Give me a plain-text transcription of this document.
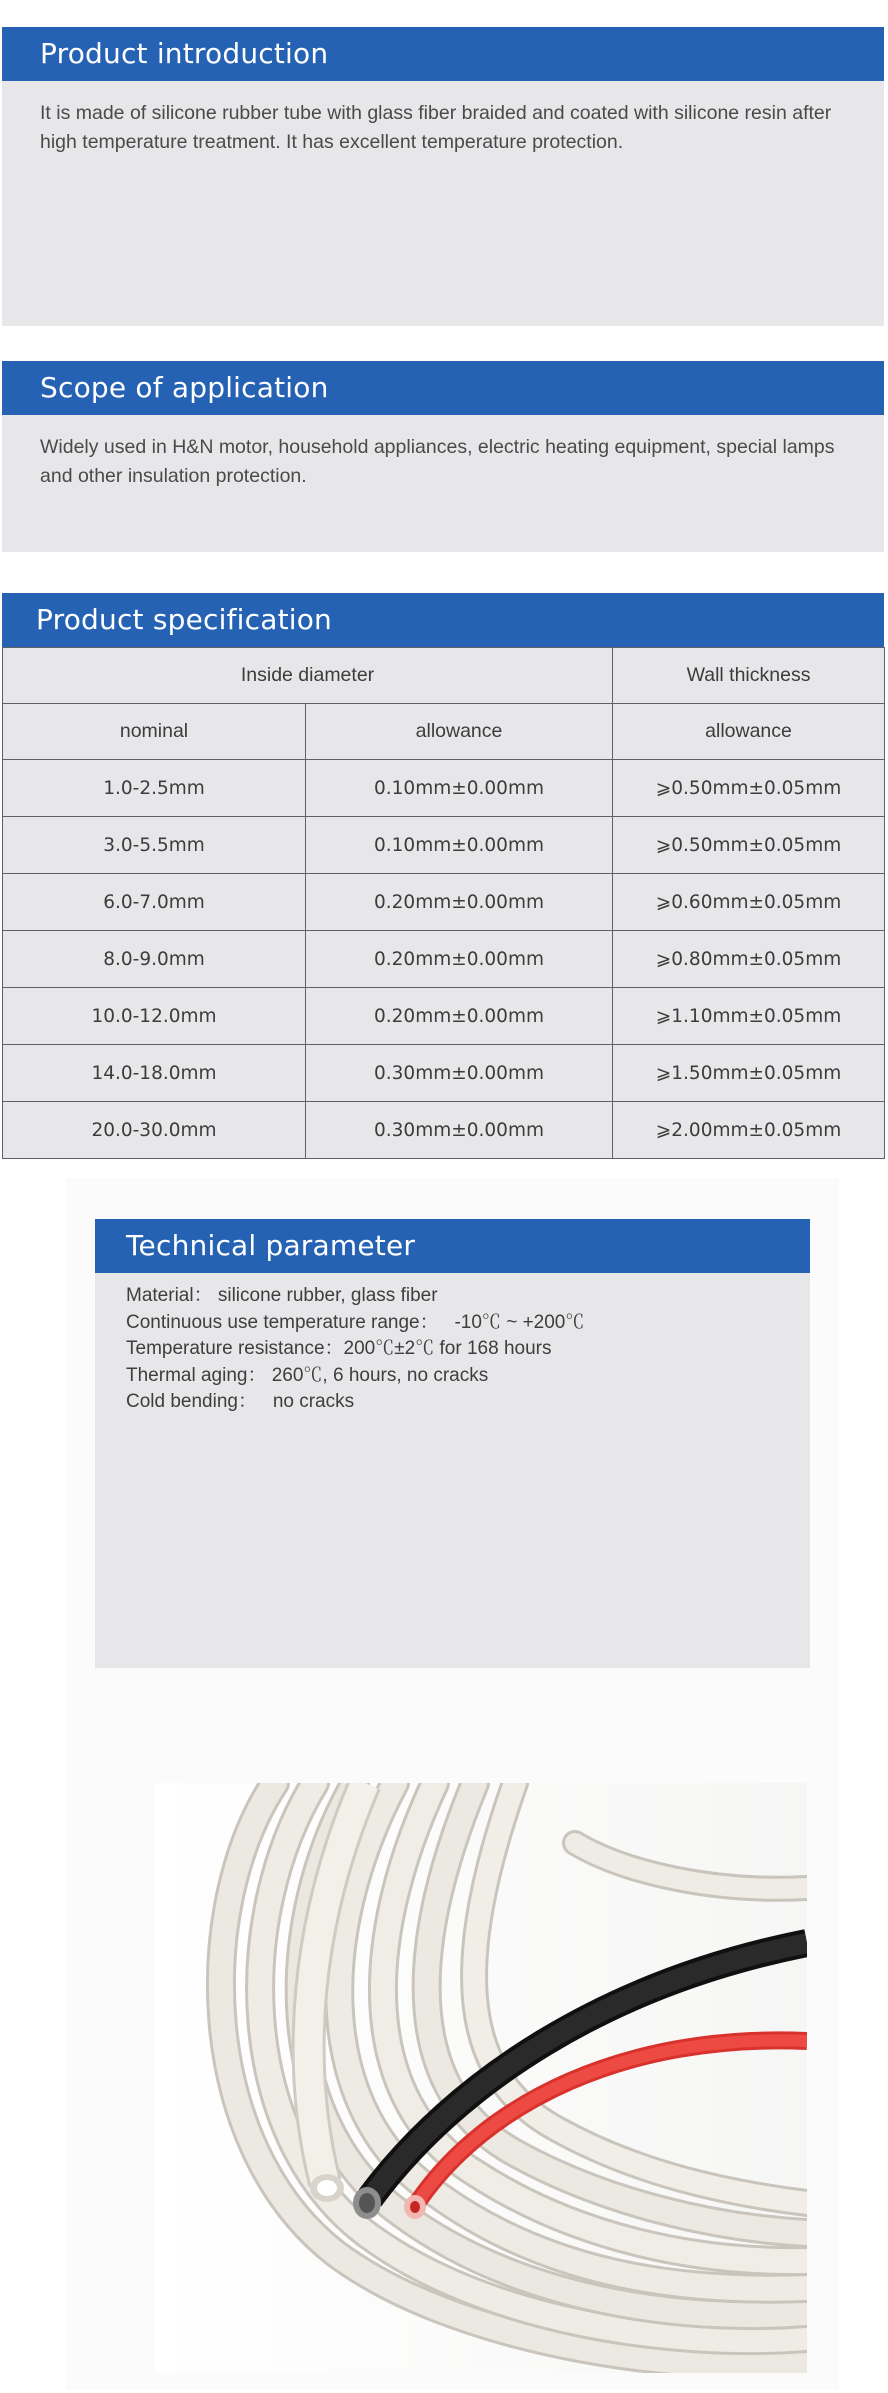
Product introduction
It is made of silicone rubber tube with glass fiber braided and coated with silicone resin after high temperature treatment. It has excellent temperature protection.
Scope of application
Widely used in H&N motor, household appliances, electric heating equipment, special lamps and other insulation protection.
Product specification
Inside diameter		Wall thickness
nominal	allowance	allowance
1.0-2.5mm	0.10mm±0.00mm	⩾0.50mm±0.05mm
3.0-5.5mm	0.10mm±0.00mm	⩾0.50mm±0.05mm
6.0-7.0mm	0.20mm±0.00mm	⩾0.60mm±0.05mm
8.0-9.0mm	0.20mm±0.00mm	⩾0.80mm±0.05mm
10.0-12.0mm	0.20mm±0.00mm	⩾1.10mm±0.05mm
14.0-18.0mm	0.30mm±0.00mm	⩾1.50mm±0.05mm
20.0-30.0mm	0.30mm±0.00mm	⩾2.00mm±0.05mm
Technical parameter
Material： silicone rubber, glass fiber
Continuous use temperature range：   -10℃ ~ +200℃
Temperature resistance：200℃±2℃ for 168 hours
Thermal aging： 260℃, 6 hours, no cracks
Cold bending：   no cracks
